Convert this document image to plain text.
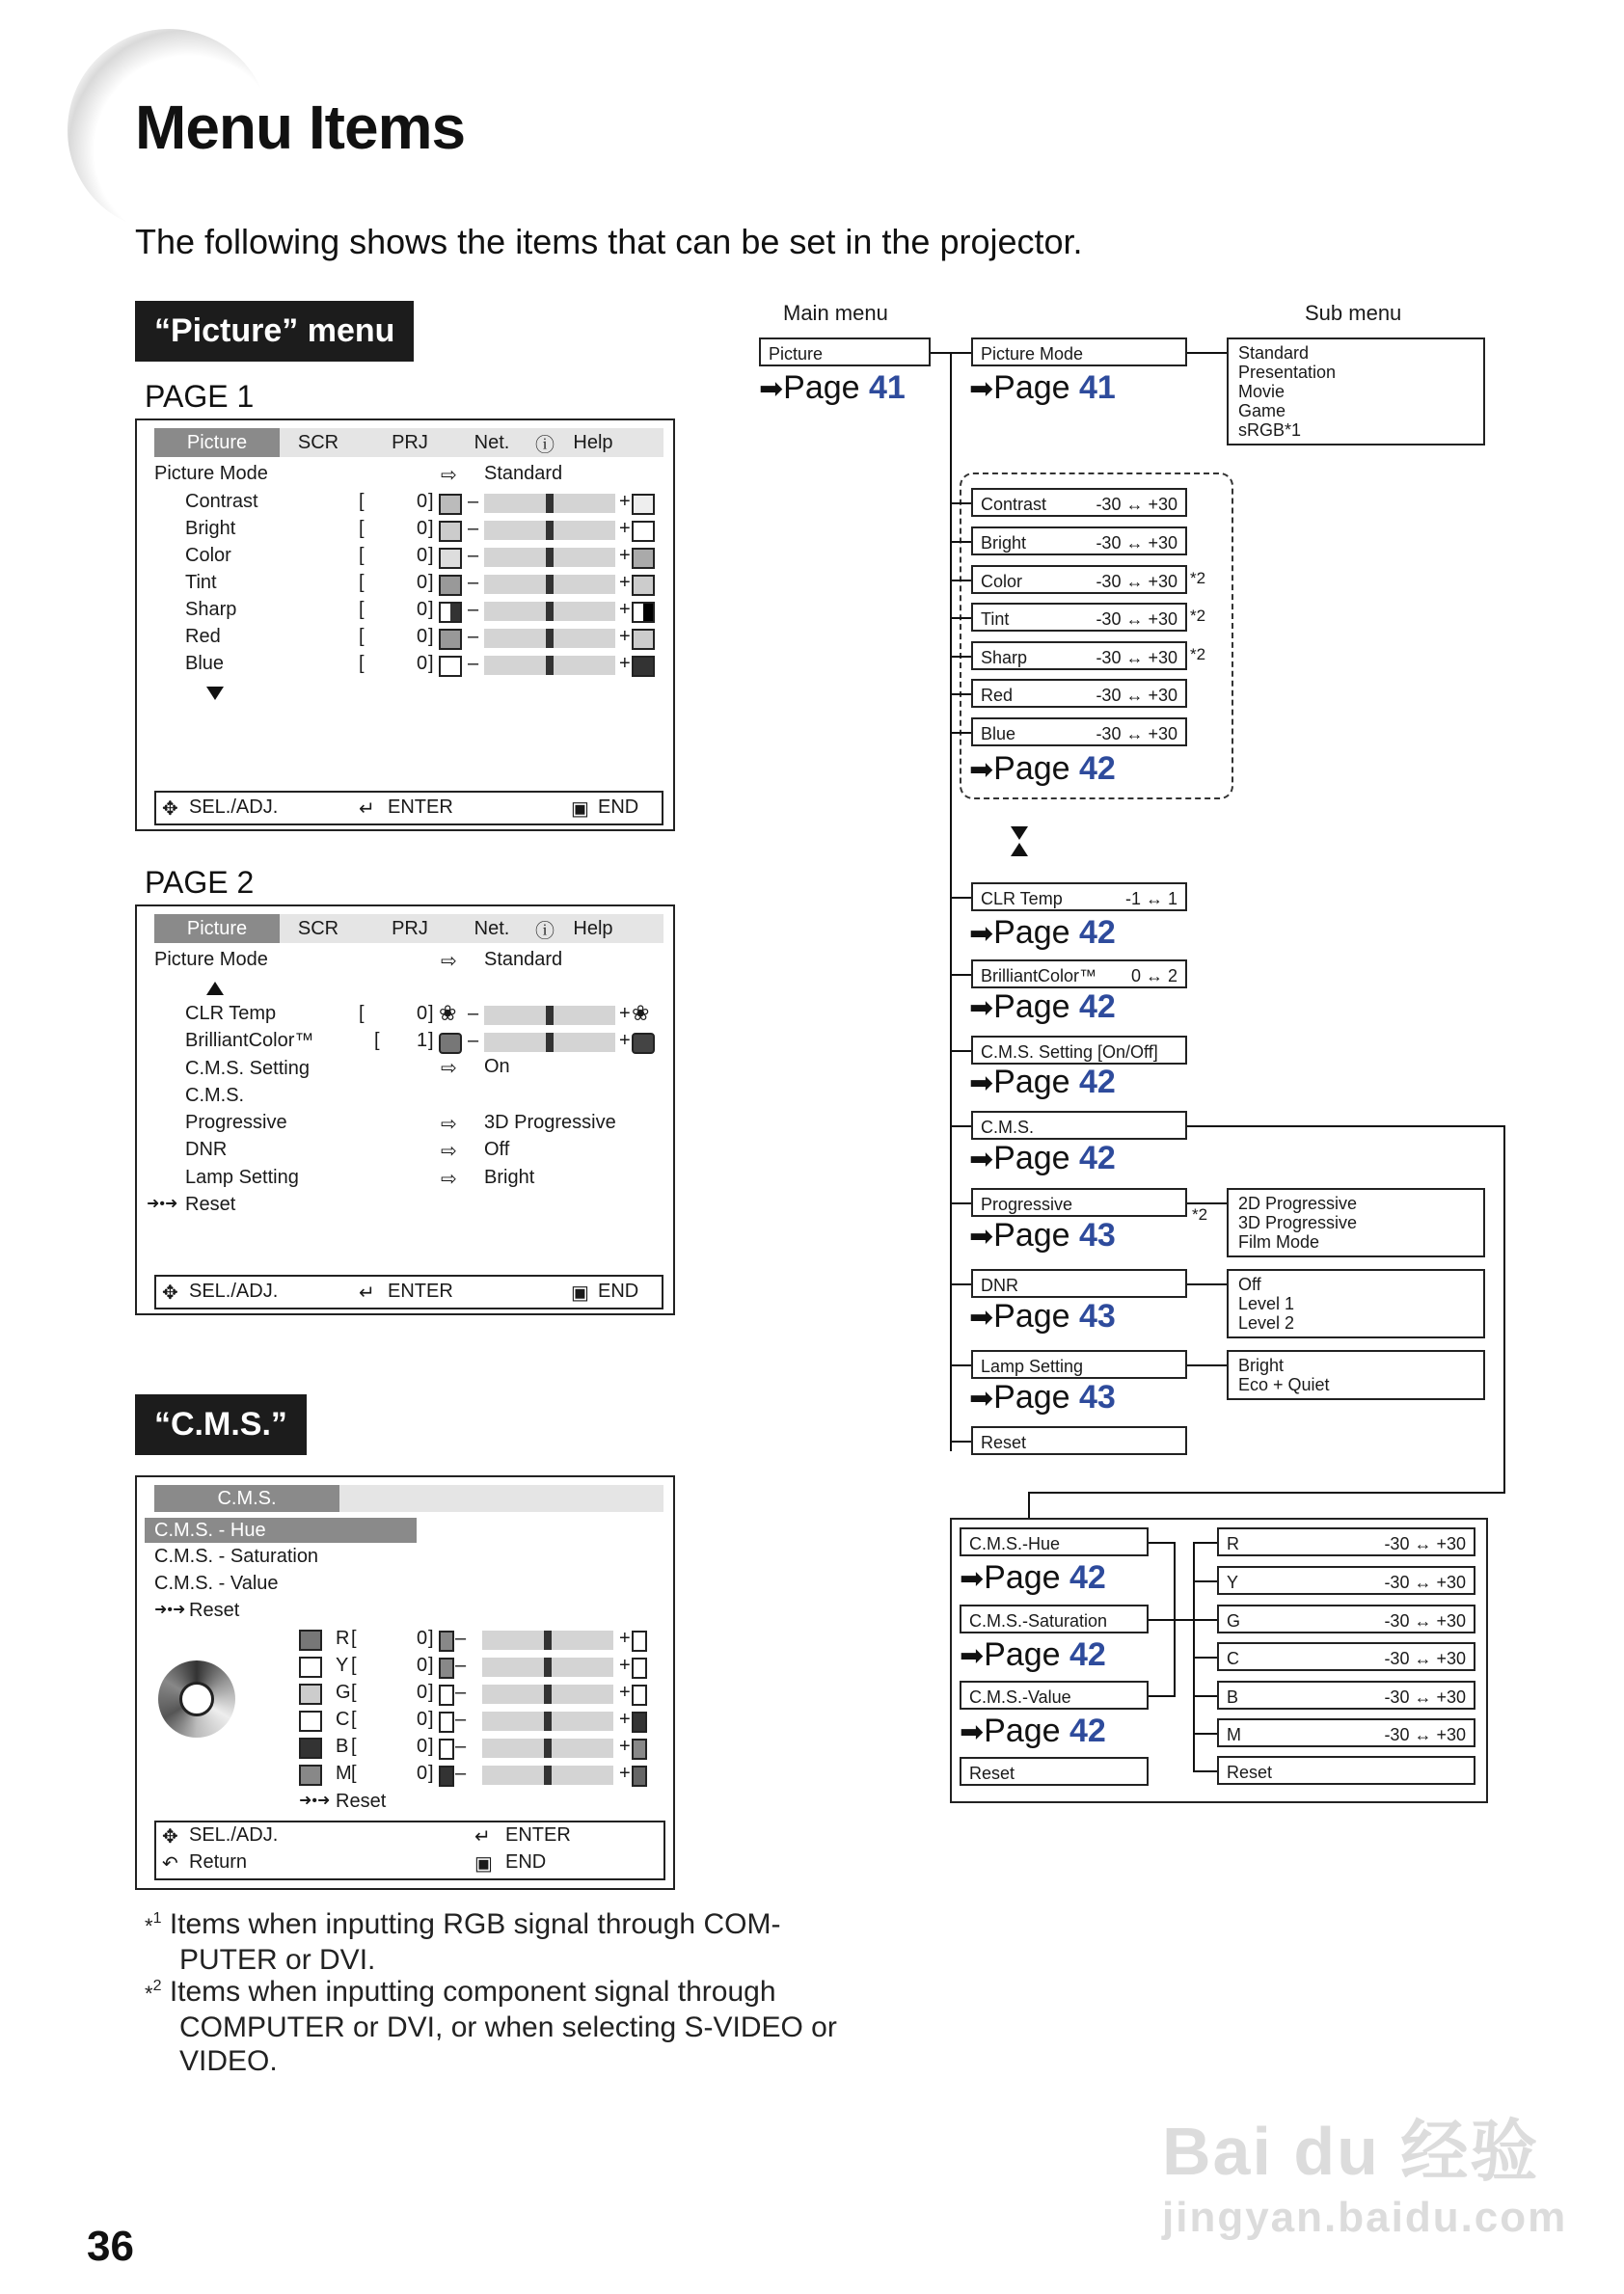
Menu Items
The following shows the items that can be set in the projector.
“Picture” menu
PAGE 1
Picture	SCR	PRJ	Net.	ⓘ Help
Picture Mode	⇨ Standard
Contrast	[	0 ] –	+
Bright	[	0 ] –	+
Color	[	0 ] –	+
Tint	[	0 ] –	+
Sharp	[	0 ] –	+
Red	[	0 ] –	+
Blue	[	0 ] –	+
✥ SEL./ADJ.	↵ ENTER	▣ END
PAGE 2
Picture	SCR	PRJ	Net.	ⓘ Help
Picture Mode	⇨ Standard
CLR Temp	[	0 ] ❀ –	+ ❀
BrilliantColor™	[ 1 ] –	+
C.M.S. Setting	⇨ On
C.M.S.
Progressive	⇨ 3D Progressive
DNR	⇨ Off
Lamp Setting	⇨ Bright
➜•➜ Reset
✥ SEL./ADJ.	↵ ENTER	▣ END
“C.M.S.”
C.M.S.
C.M.S. - Hue
C.M.S. - Saturation
C.M.S. - Value
➜•➜ Reset
R [	0 ] –	+
Y [	0 ] –	+
G [	0 ] –	+
C [	0 ] –	+
B [	0 ] –	+
M [	0 ] –	+
➜•➜ Reset
✥ SEL./ADJ.	↵ ENTER
↶ Return	▣ END
*$^1$ Items when inputting RGB signal through COM-
PUTER or DVI.
*$^2$ Items when inputting component signal through
COMPUTER or DVI, or when selecting S-VIDEO or
VIDEO.
36
Main menu	Sub menu
Picture
➡Page 41
Picture Mode
➡Page 41
Standard
Presentation
Movie
Game
sRGB*1
Contrast	-30 ↔ +30
Bright	-30 ↔ +30
Color	-30 ↔ +30 *2
Tint	-30 ↔ +30 *2
Sharp	-30 ↔ +30 *2
Red	-30 ↔ +30
Blue	-30 ↔ +30
➡Page 42
CLR Temp	-1 ↔ 1
➡Page 42
BrilliantColor™ 0 ↔ 2
➡Page 42
C.M.S. Setting [On/Off]
➡Page 42
C.M.S.
➡Page 42
Progressive
*2
2D Progressive
3D Progressive
Film Mode
➡Page 43
DNR	Off
Level 1
Level 2
➡Page 43
Lamp Setting	Bright
Eco + Quiet
➡Page 43
Reset
C.M.S.-Hue
➡Page 42
C.M.S.-Saturation
➡Page 42
C.M.S.-Value
➡Page 42
Reset
R	-30 ↔ +30
Y	-30 ↔ +30
G	-30 ↔ +30
C	-30 ↔ +30
B	-30 ↔ +30
M	-30 ↔ +30
Reset
Bai du 经验
jingyan.baidu.com
